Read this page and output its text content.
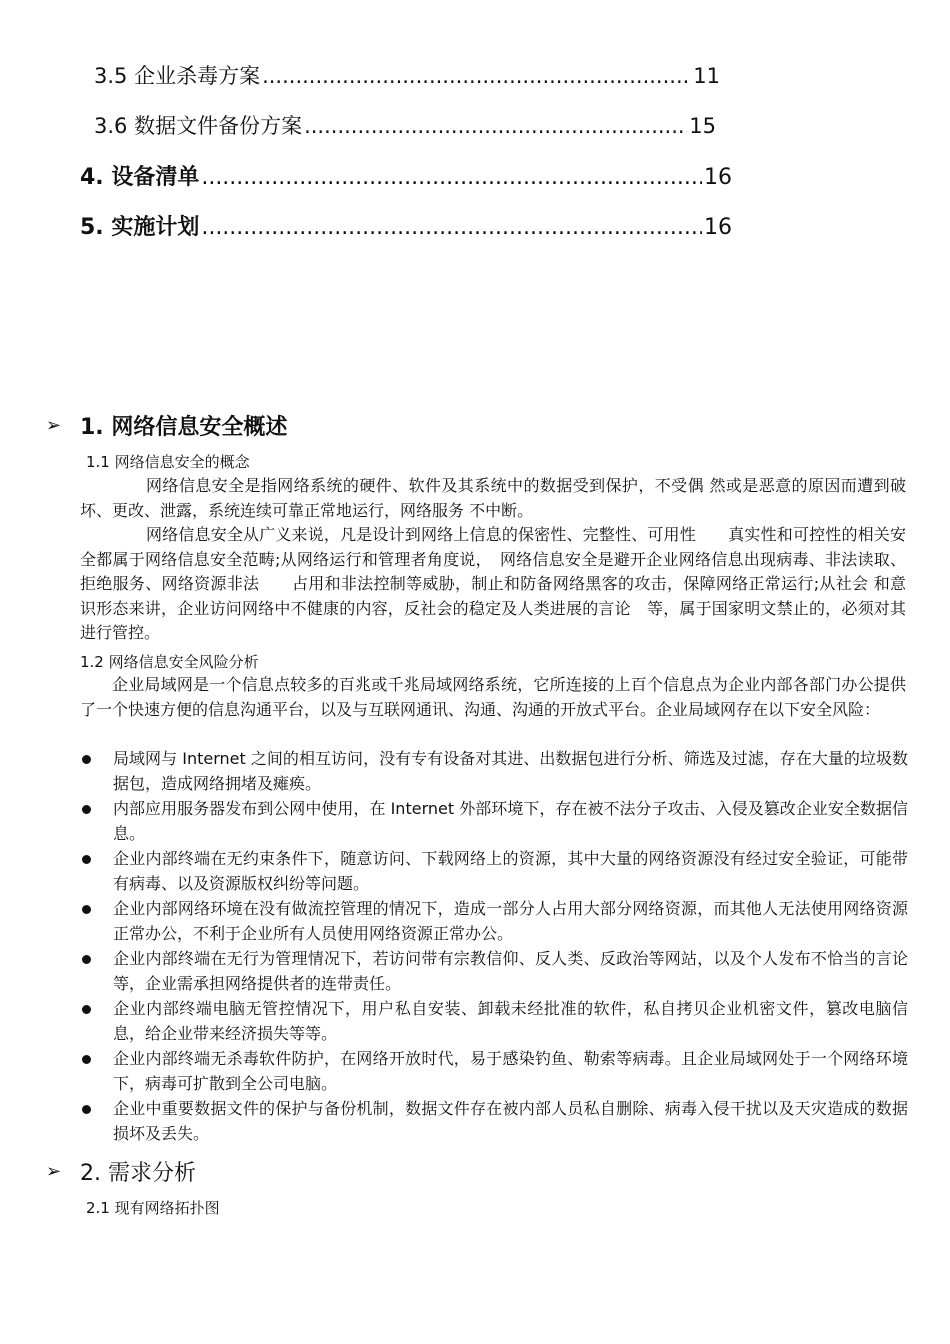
3.5 企业杀毒方案 .....	11
3.6 数据文件备份方案 .....	15
4. 设备清单 .....	16
5. 实施计划 .....	16
➢ 1. 网络信息安全概述
1.1 网络信息安全的概念
网络信息安全是指网络系统的硬件、软件及其系统中的数据受到保护，不受偶 然或是恶意的原因而遭到破坏、更改、泄露，系统连续可靠正常地运行，网络服务 不中断。
网络信息安全从广义来说，凡是设计到网络上信息的保密性、完整性、可用性　　真实性和可控性的相关安全都属于网络信息安全范畴;从网络运行和管理者角度说，　网络信息安全是避开企业网络信息出现病毒、非法读取、拒绝服务、网络资源非法　　占用和非法控制等威胁，制止和防备网络黑客的攻击，保障网络正常运行;从社会 和意识形态来讲，企业访问网络中不健康的内容，反社会的稳定及人类进展的言论　等，属于国家明文禁止的，必须对其进行管控。
1.2 网络信息安全风险分析
企业局域网是一个信息点较多的百兆或千兆局域网络系统，它所连接的上百个信息点为企业内部各部门办公提供了一个快速方便的信息沟通平台，以及与互联网通讯、沟通、沟通的开放式平台。企业局域网存在以下安全风险：
局域网与 Internet 之间的相互访问，没有专有设备对其进、出数据包进行分析、筛选及过滤，存在大量的垃圾数据包，造成网络拥堵及瘫痪。
内部应用服务器发布到公网中使用，在 Internet 外部环境下，存在被不法分子攻击、入侵及篡改企业安全数据信息。
企业内部终端在无约束条件下，随意访问、下载网络上的资源，其中大量的网络资源没有经过安全验证，可能带有病毒、以及资源版权纠纷等问题。
企业内部网络环境在没有做流控管理的情况下，造成一部分人占用大部分网络资源，而其他人无法使用网络资源正常办公，不利于企业所有人员使用网络资源正常办公。
企业内部终端在无行为管理情况下，若访问带有宗教信仰、反人类、反政治等网站，以及个人发布不恰当的言论等，企业需承担网络提供者的连带责任。
企业内部终端电脑无管控情况下，用户私自安装、卸载未经批准的软件，私自拷贝企业机密文件，篡改电脑信息，给企业带来经济损失等等。
企业内部终端无杀毒软件防护，在网络开放时代，易于感染钓鱼、勒索等病毒。且企业局域网处于一个网络环境下，病毒可扩散到全公司电脑。
企业中重要数据文件的保护与备份机制，数据文件存在被内部人员私自删除、病毒入侵干扰以及天灾造成的数据损坏及丢失。
➢ 2. 需求分析
2.1 现有网络拓扑图
